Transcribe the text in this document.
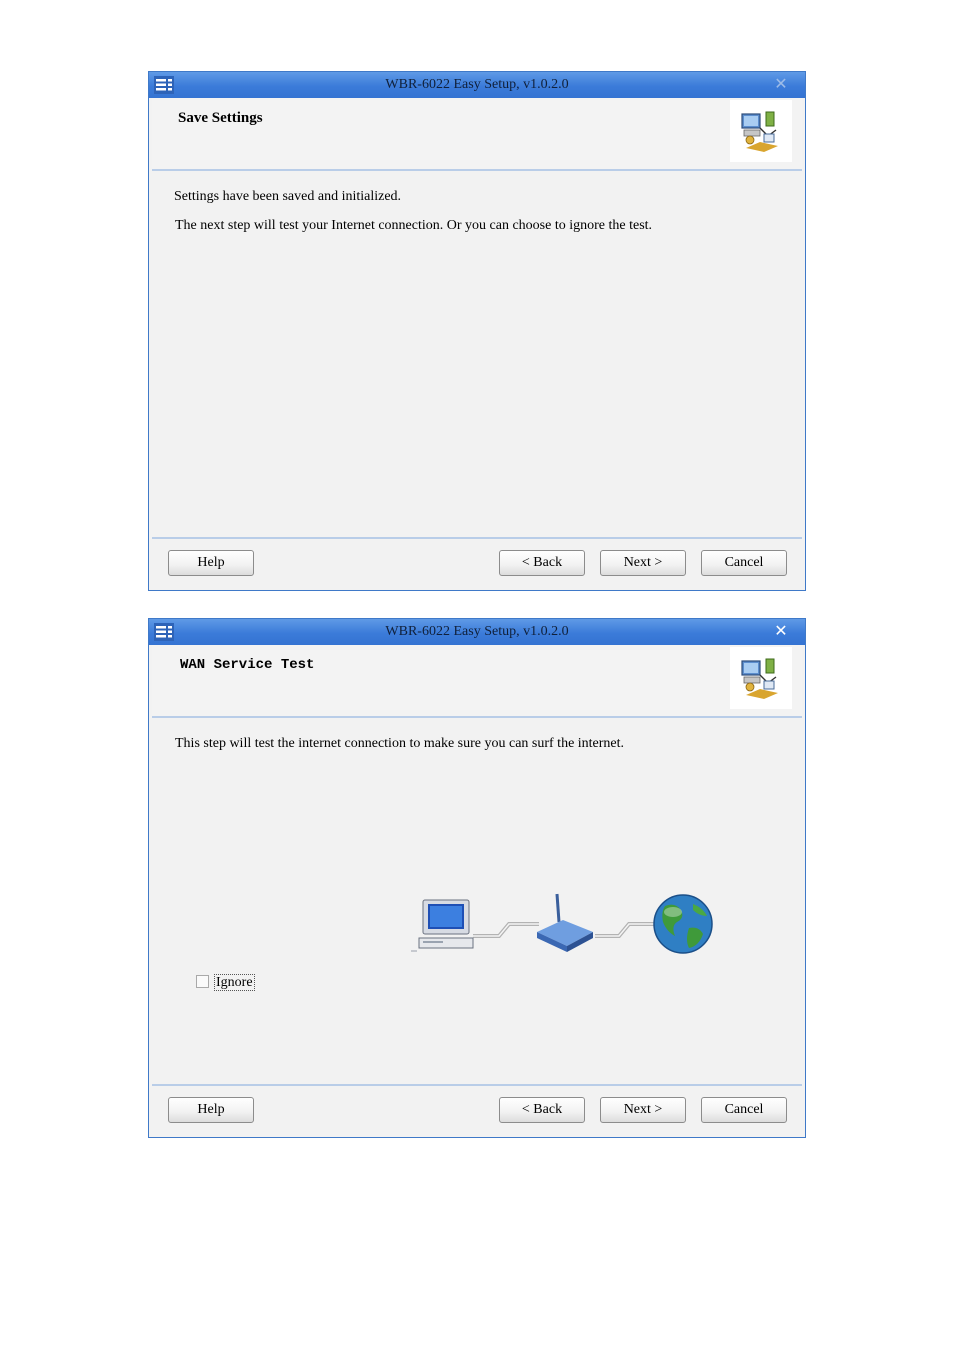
WBR-6022 Easy Setup, v1.0.2.0	✕
Save Settings
Settings have been saved and initialized.
The next step will test your Internet connection. Or you can choose to ignore the test.
Help	< Back	Next >	Cancel
WBR-6022 Easy Setup, v1.0.2.0	✕
WAN Service Test
This step will test the internet connection to make sure you can surf the internet.
Ignore
Help	< Back	Next >	Cancel
